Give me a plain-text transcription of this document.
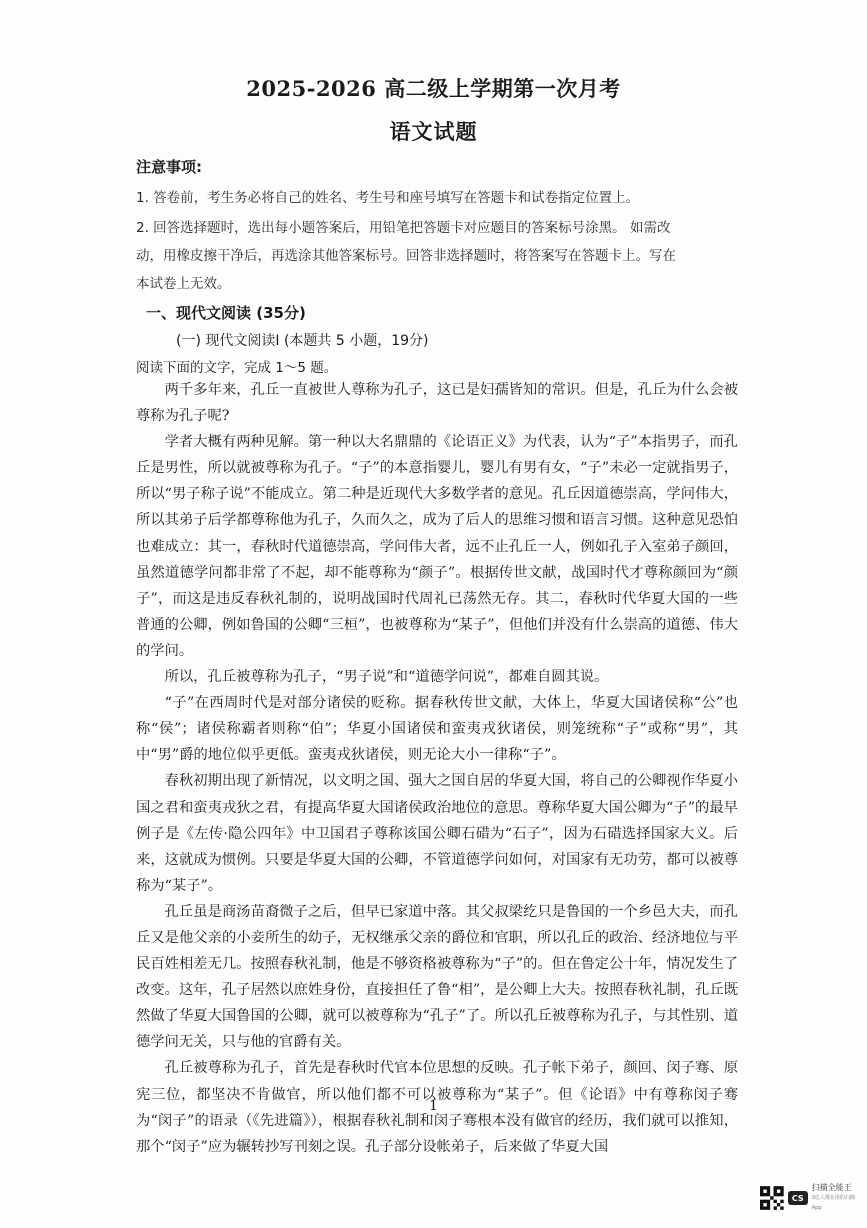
2025-2026 高二级上学期第一次月考
语文试题
注意事项:
1. 答卷前，考生务必将自己的姓名、考生号和座号填写在答题卡和试卷指定位置上。
2. 回答选择题时，选出每小题答案后，用铅笔把答题卡对应题目的答案标号涂黑。 如需改
动，用橡皮擦干净后，再选涂其他答案标号。回答非选择题时，将答案写在答题卡上。写在
本试卷上无效。
一、现代文阅读 (35分)
(一) 现代文阅读Ⅰ (本题共 5 小题，19分)
阅读下面的文字，完成 1～5 题。

两千多年来，孔丘一直被世人尊称为孔子，这已是妇孺皆知的常识。但是，孔丘为什么会被尊称为孔子呢?

学者大概有两种见解。第一种以大名鼎鼎的《论语正义》为代表，认为“子”本指男子，而孔丘是男性，所以就被尊称为孔子。“子”的本意指婴儿，婴儿有男有女，“子”未必一定就指男子，所以“男子称子说”不能成立。第二种是近现代大多数学者的意见。孔丘因道德崇高，学问伟大，所以其弟子后学都尊称他为孔子，久而久之，成为了后人的思维习惯和语言习惯。这种意见恐怕也难成立：其一，春秋时代道德崇高，学问伟大者，远不止孔丘一人，例如孔子入室弟子颜回，虽然道德学问都非常了不起，却不能尊称为“颜子”。根据传世文献，战国时代才尊称颜回为“颜子”，而这是违反春秋礼制的，说明战国时代周礼已荡然无存。其二，春秋时代华夏大国的一些普通的公卿，例如鲁国的公卿“三桓”，也被尊称为“某子”，但他们并没有什么崇高的道德、伟大的学问。

所以，孔丘被尊称为孔子，“男子说”和“道德学问说”，都难自圆其说。

“子”在西周时代是对部分诸侯的贬称。据春秋传世文献，大体上，华夏大国诸侯称“公”也称“侯”；诸侯称霸者则称“伯”；华夏小国诸侯和蛮夷戎狄诸侯，则笼统称“子”或称“男”，其中“男”爵的地位似乎更低。蛮夷戎狄诸侯，则无论大小一律称“子”。

春秋初期出现了新情况，以文明之国、强大之国自居的华夏大国，将自己的公卿视作华夏小国之君和蛮夷戎狄之君，有提高华夏大国诸侯政治地位的意思。尊称华夏大国公卿为“子”的最早例子是《左传·隐公四年》中卫国君子尊称该国公卿石碏为“石子”，因为石碏选择国家大义。后来，这就成为惯例。只要是华夏大国的公卿，不管道德学问如何，对国家有无功劳，都可以被尊称为“某子”。

孔丘虽是商汤苗裔微子之后，但早已家道中落。其父叔梁纥只是鲁国的一个乡邑大夫，而孔丘又是他父亲的小妾所生的幼子，无权继承父亲的爵位和官职，所以孔丘的政治、经济地位与平民百姓相差无几。按照春秋礼制，他是不够资格被尊称为“子”的。但在鲁定公十年，情况发生了改变。这年，孔子居然以庶姓身份，直接担任了鲁“相”，是公卿上大夫。按照春秋礼制，孔丘既然做了华夏大国鲁国的公卿，就可以被尊称为“孔子”了。所以孔丘被尊称为孔子，与其性别、道德学问无关，只与他的官爵有关。

孔丘被尊称为孔子，首先是春秋时代官本位思想的反映。孔子帐下弟子，颜回、闵子骞、原宪三位，都坚决不肯做官，所以他们都不可以被尊称为“某子”。但《论语》中有尊称闵子骞为“闵子”的语录（《先进篇》），根据春秋礼制和闵子骞根本没有做官的经历，我们就可以推知，那个“闵子”应为辗转抄写刊刻之误。孔子部分设帐弟子，后来做了华夏大国

1
CS
扫描全能王
3亿人都在用的扫描App
